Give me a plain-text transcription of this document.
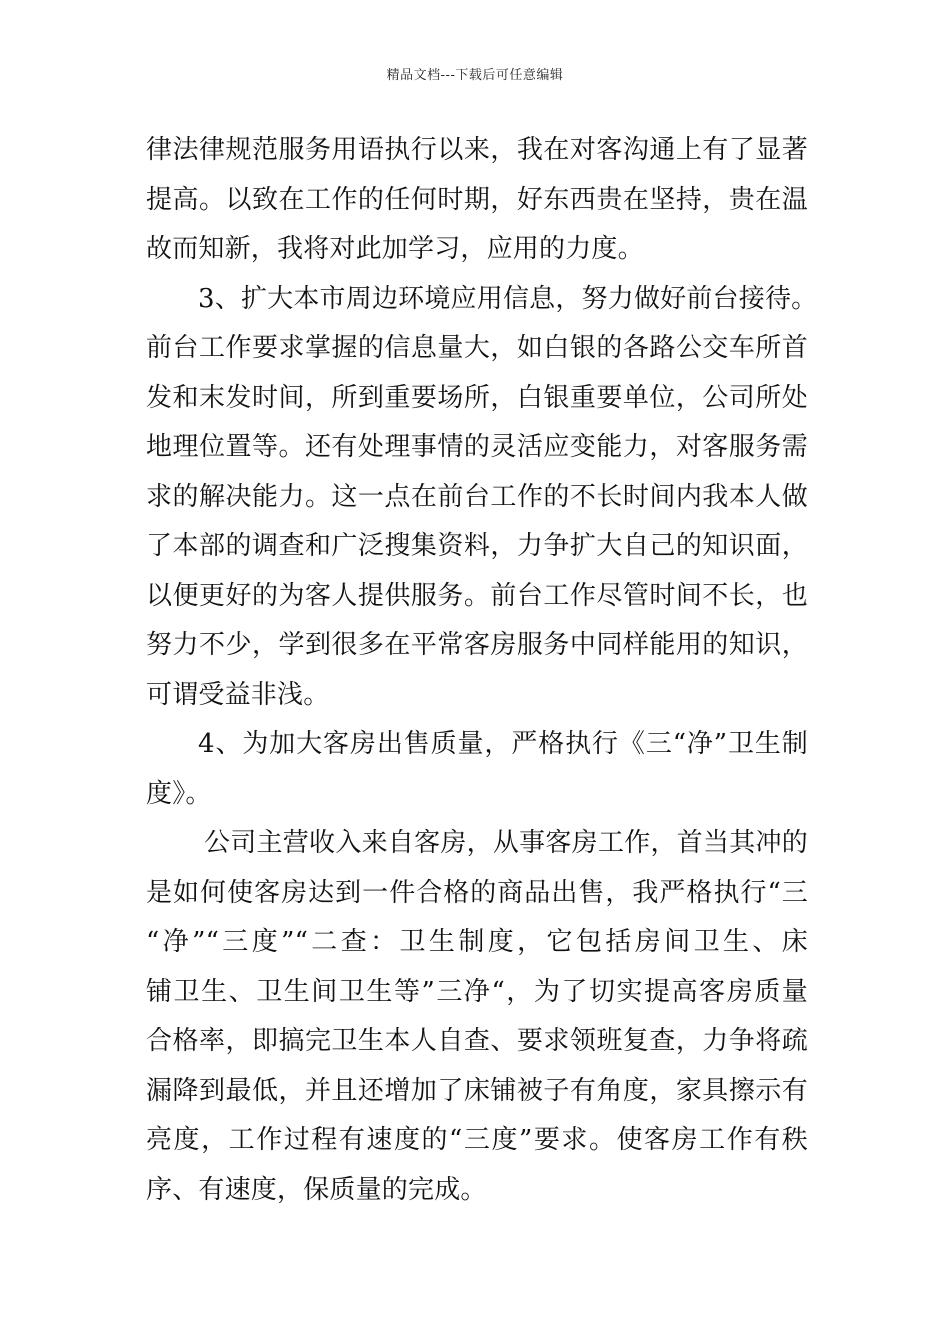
精品文档---下载后可任意编辑
律法律规范服务用语执行以来，我在对客沟通上有了显著
提高。以致在工作的任何时期，好东西贵在坚持，贵在温
故而知新，我将对此加学习，应用的力度。
3、扩大本市周边环境应用信息，努力做好前台接待。
前台工作要求掌握的信息量大，如白银的各路公交车所首
发和末发时间，所到重要场所，白银重要单位，公司所处
地理位置等。还有处理事情的灵活应变能力，对客服务需
求的解决能力。这一点在前台工作的不长时间内我本人做
了本部的调查和广泛搜集资料，力争扩大自己的知识面，
以便更好的为客人提供服务。前台工作尽管时间不长，也
努力不少，学到很多在平常客房服务中同样能用的知识，
可谓受益非浅。
4、为加大客房出售质量，严格执行《三“净”卫生制
度》。
公司主营收入来自客房，从事客房工作，首当其冲的
是如何使客房达到一件合格的商品出售，我严格执行“三
“净”“三度”“二查：卫生制度，它包括房间卫生、床
铺卫生、卫生间卫生等”三净“，为了切实提高客房质量
合格率，即搞完卫生本人自查、要求领班复查，力争将疏
漏降到最低，并且还增加了床铺被子有角度，家具擦示有
亮度，工作过程有速度的“三度”要求。使客房工作有秩
序、有速度，保质量的完成。
